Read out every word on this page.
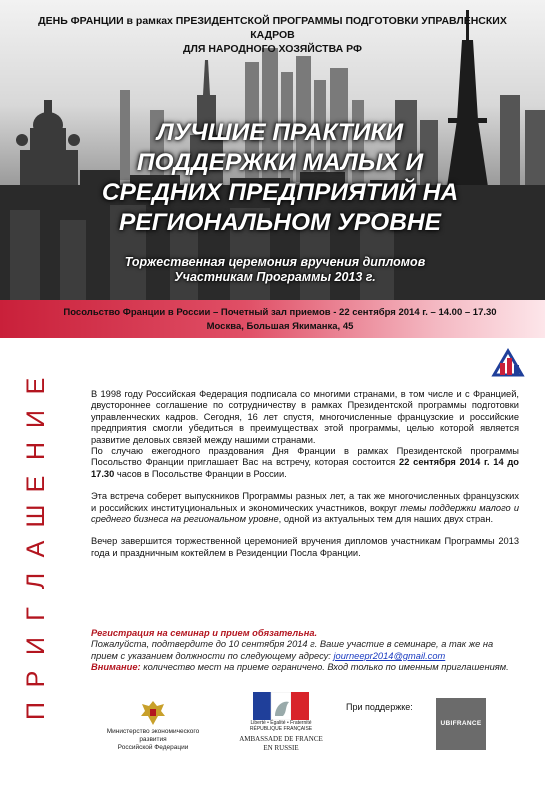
ДЕНЬ ФРАНЦИИ в рамках ПРЕЗИДЕНТСКОЙ ПРОГРАММЫ ПОДГОТОВКИ УПРАВЛЕНСКИХ КАДРОВ
ДЛЯ НАРОДНОГО ХОЗЯЙСТВА РФ
ЛУЧШИЕ ПРАКТИКИ
ПОДДЕРЖКИ МАЛЫХ И
СРЕДНИХ ПРЕДПРИЯТИЙ НА
РЕГИОНАЛЬНОМ УРОВНЕ
Торжественная церемония вручения дипломов
Участникам Программы 2013 г.
Посольство Франции в России – Почетный зал приемов - 22 сентября 2014 г. – 14.00 – 17.30
Москва, Большая Якиманка, 45
Е
И
Н
Е
Ш
А
Л
Г
И
Р
П

В 1998 году Российская Федерация подписала со многими странами, в том числе и с Францией, двустороннее соглашение по сотрудничеству в рамках Президентской программы подготовки управленческих кадров. Сегодня, 16 лет спустя, многочисленные французские и российские предприятия смогли убедиться в преимуществах этой программы, целью которой является развитие деловых связей между нашими странами.

По случаю ежегодного праздования Дня Франции в рамках Президентской программы Посольство Франции приглашает Вас на встречу, которая состоится 22 сентября 2014 г. 14 до 17.30 часов в Посольстве Франции в России.

Эта встреча соберет выпускников Программы разных лет, а так же многочисленных французских и российских институциональных и экономических участников, вокруг темы поддержки малого и среднего бизнеса на региональном уровне, одной из актуальных тем для наших двух стран.

Вечер завершится торжественной церемонией вручения дипломов участникам Программы 2013 года и праздничным коктейлем в Резиденции Посла Франции.

Регистрация на семинар и прием обязательна.
Пожалуйста, подтвердите до 10 сентября 2014 г. Ваше участие в семинаре, а так же на
прием с указанием должности по следующему адресу: journeepr2014@gmail.com
Внимание: количество мест на приеме ограничено. Вход только по именным приглашениям.
Министерство экономического развития
Российской Федерации
Liberté • Égalité • Fraternité
RÉPUBLIQUE FRANÇAISE
AMBASSADE DE FRANCE
EN RUSSIE
При поддержке:
UBIFRANCE
